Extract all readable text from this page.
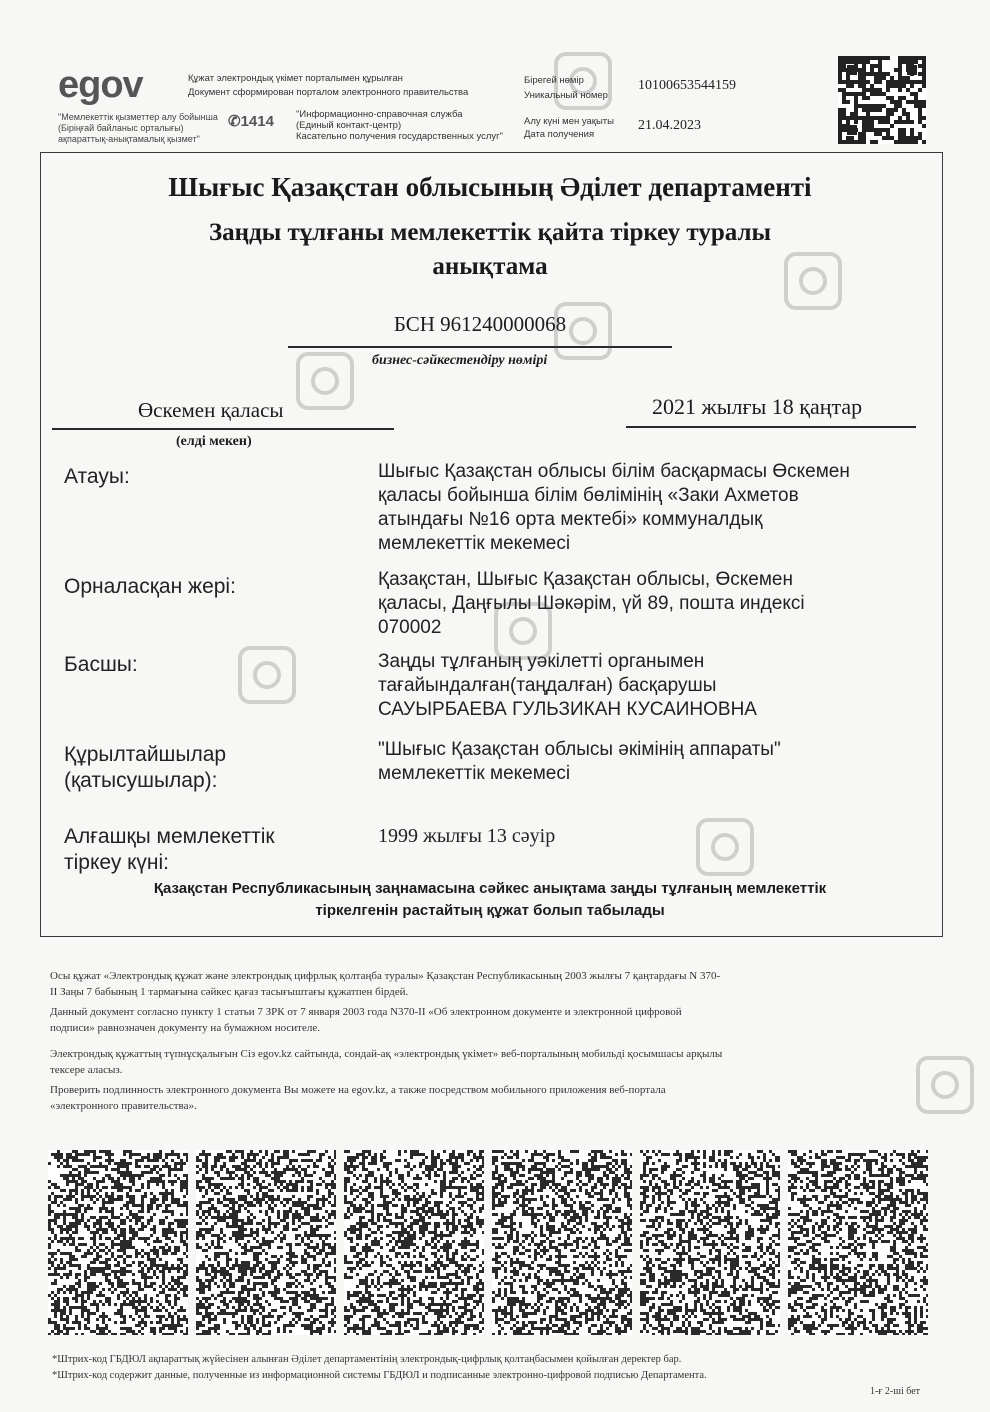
egov
"Мемлекеттік қызметтер алу бойынша (Біріңғай байланыс орталығы) ақпараттық-анықтамалық қызмет"
Құжат электрондық үкімет порталымен құрылған
Документ сформирован порталом электронного правительства
✆1414 "Информационно-справочная служба
(Единый контакт-центр)
Касательно получения государственных услуг"
Бірегей нөмір
Уникальный номер
10100653544159
Алу күні мен уақыты
Дата получения
21.04.2023
Шығыс Қазақстан облысының Әділет департаменті
Заңды тұлғаны мемлекеттік қайта тіркеу туралы
анықтама
БСН 961240000068
бизнес-сәйкестендіру нөмірі
Өскемен қаласы
(елді мекен)
2021 жылғы 18 қаңтар
Атауы:	Шығыс Қазақстан облысы білім басқармасы Өскемен
қаласы бойынша білім бөлімінің «Заки Ахметов
атындағы №16 орта мектебі» коммуналдық
мемлекеттік мекемесі
Орналасқан жері:	Қазақстан, Шығыс Қазақстан облысы, Өскемен
қаласы, Даңғылы Шәкәрім, үй 89, пошта индексі
070002
Басшы:	Заңды тұлғаның уәкілетті органымен
тағайындалған(таңдалған) басқарушы
САУЫРБАЕВА ГУЛЬЗИКАН КУСАИНОВНА
Құрылтайшылар
(қатысушылар):
"Шығыс Қазақстан облысы әкімінің аппараты"
мемлекеттік мекемесі
Алғашқы мемлекеттік
тіркеу күні:
1999 жылғы 13 сәуір
Қазақстан Республикасының заңнамасына сәйкес анықтама заңды тұлғаның мемлекеттік
тіркелгенін растайтың құжат болып табылады
Осы құжат «Электрондық құжат және электрондық цифрлық қолтаңба туралы» Қазақстан Республикасының 2003 жылғы 7 қаңтардағы N 370-
II Заңы 7 бабының 1 тармағына сәйкес қағаз тасығыштағы құжатпен бірдей.
Данный документ согласно пункту 1 статьи 7 ЗРК от 7 января 2003 года N370-II «Об электронном документе и электронной цифровой
подписи» равнозначен документу на бумажном носителе.
Электрондық құжаттың түпнұсқалығын Сіз egov.kz сайтында, сондай-ақ «электрондық үкімет» веб-порталының мобильді қосымшасы арқылы
тексере аласыз.
Проверить подлинность электронного документа Вы можете на egov.kz, а также посредством мобильного приложения веб-портала
«электронного правительства».
*Штрих-код ГБДЮЛ ақпараттық жүйесінен алынған Әділет департаментінің электрондық-цифрлық қолтаңбасымен қойылған деректер бар.
*Штрих-код содержит данные, полученные из информационной системы ГБДЮЛ и подписанные электронно-цифровой подписью Департамента.
1-ғ 2-ші бет
